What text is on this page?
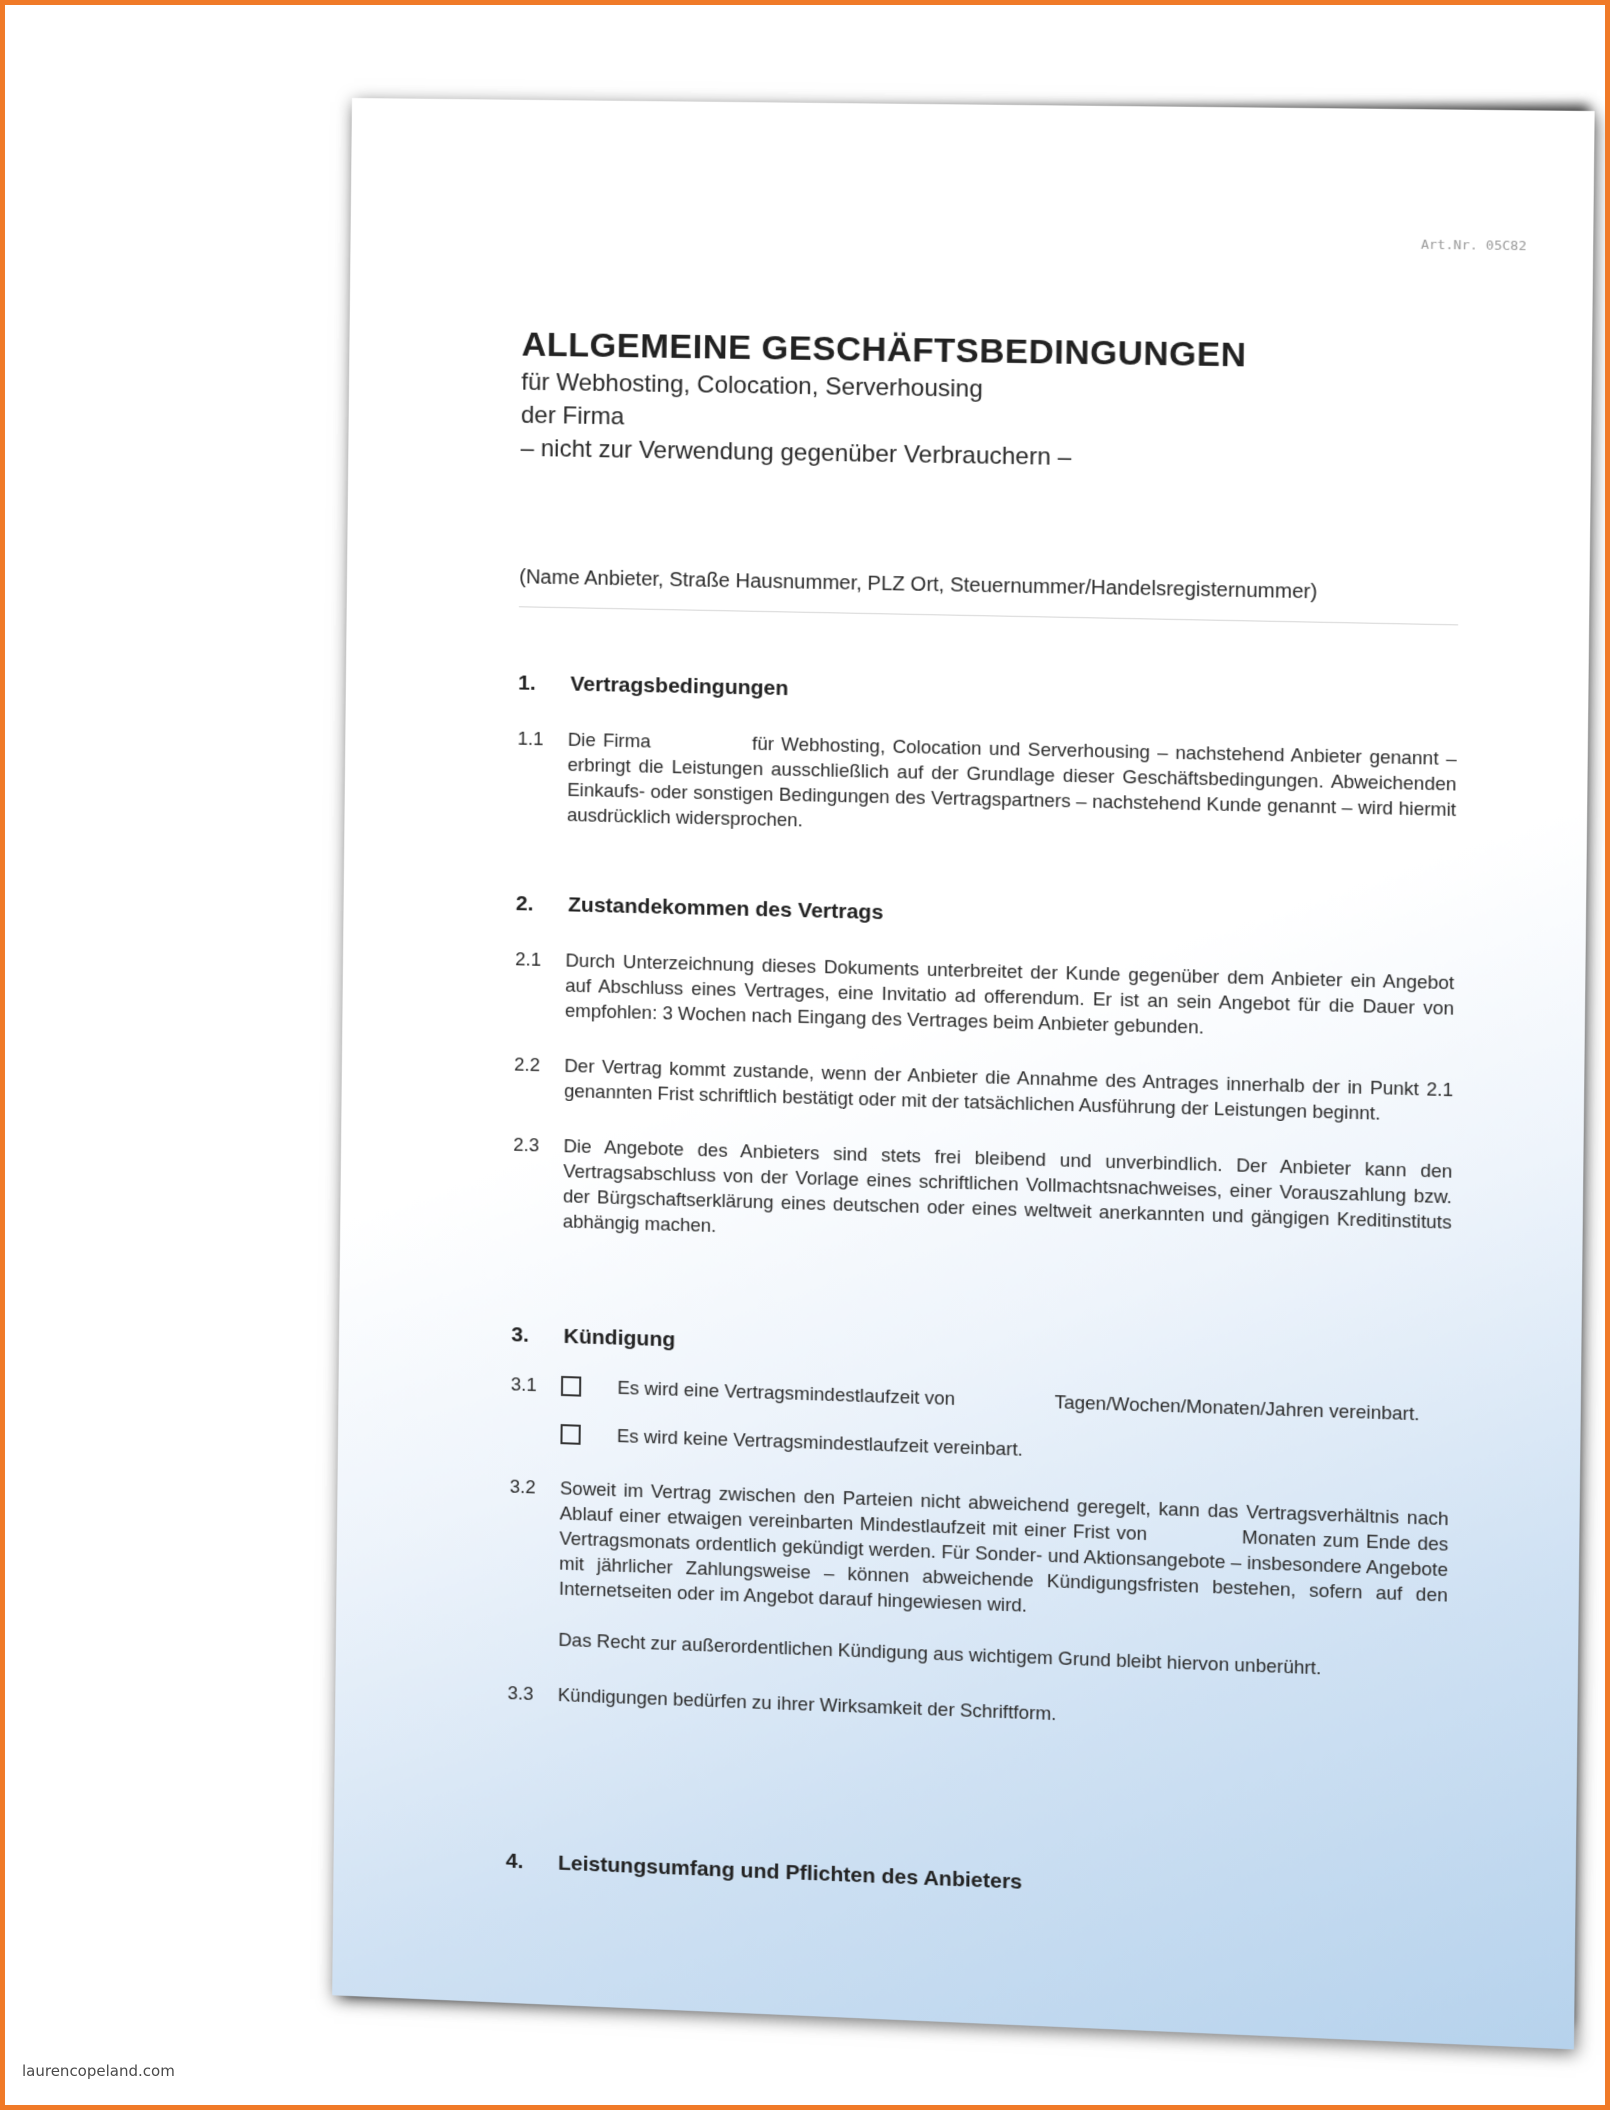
Art.Nr. 05C82
ALLGEMEINE GESCHÄFTSBEDINGUNGEN
für Webhosting, Colocation, Serverhousing
der Firma
– nicht zur Verwendung gegenüber Verbrauchern –
(Name Anbieter, Straße Hausnummer, PLZ Ort, Steuernummer/Handelsregisternummer)
1.	Vertragsbedingungen
1.1	Die Firma              für Webhosting, Colocation und Serverhousing – nachstehend Anbieter genannt – erbringt die Leistungen ausschließlich auf der Grundlage dieser Geschäftsbedingungen. Abweichenden Einkaufs- oder sonstigen Bedingungen des Vertragspartners – nachstehend Kunde genannt – wird hiermit ausdrücklich widersprochen.
2.	Zustandekommen des Vertrags
2.1	Durch Unterzeichnung dieses Dokuments unterbreitet der Kunde gegenüber dem Anbieter ein Angebot auf Abschluss eines Vertrages, eine Invitatio ad offerendum. Er ist an sein Angebot für die Dauer von empfohlen: 3 Wochen nach Eingang des Vertrages beim Anbieter gebunden.
2.2	Der Vertrag kommt zustande, wenn der Anbieter die Annahme des Antrages innerhalb der in Punkt 2.1 genannten Frist schriftlich bestätigt oder mit der tatsächlichen Ausführung der Leistungen beginnt.
2.3	Die Angebote des Anbieters sind stets frei bleibend und unverbindlich. Der Anbieter kann den Vertragsabschluss von der Vorlage eines schriftlichen Vollmachtsnachweises, einer Vorauszahlung bzw. der Bürgschaftserklärung eines deutschen oder eines weltweit anerkannten und gängigen Kreditinstituts abhängig machen.
3.	Kündigung
3.1	Es wird eine Vertragsmindestlaufzeit von                   Tagen/Wochen/Monaten/Jahren vereinbart.
Es wird keine Vertragsmindestlaufzeit vereinbart.
3.2	Soweit im Vertrag zwischen den Parteien nicht abweichend geregelt, kann das Vertragsverhältnis nach Ablauf einer etwaigen vereinbarten Mindestlaufzeit mit einer Frist von              Monaten zum Ende des Vertragsmonats ordentlich gekündigt werden. Für Sonder- und Aktionsangebote – insbesondere Angebote mit jährlicher Zahlungsweise – können abweichende Kündigungsfristen bestehen, sofern auf den Internetseiten oder im Angebot darauf hingewiesen wird.
Das Recht zur außerordentlichen Kündigung aus wichtigem Grund bleibt hiervon unberührt.
3.3	Kündigungen bedürfen zu ihrer Wirksamkeit der Schriftform.
4.	Leistungsumfang und Pflichten des Anbieters
laurencopeland.com
